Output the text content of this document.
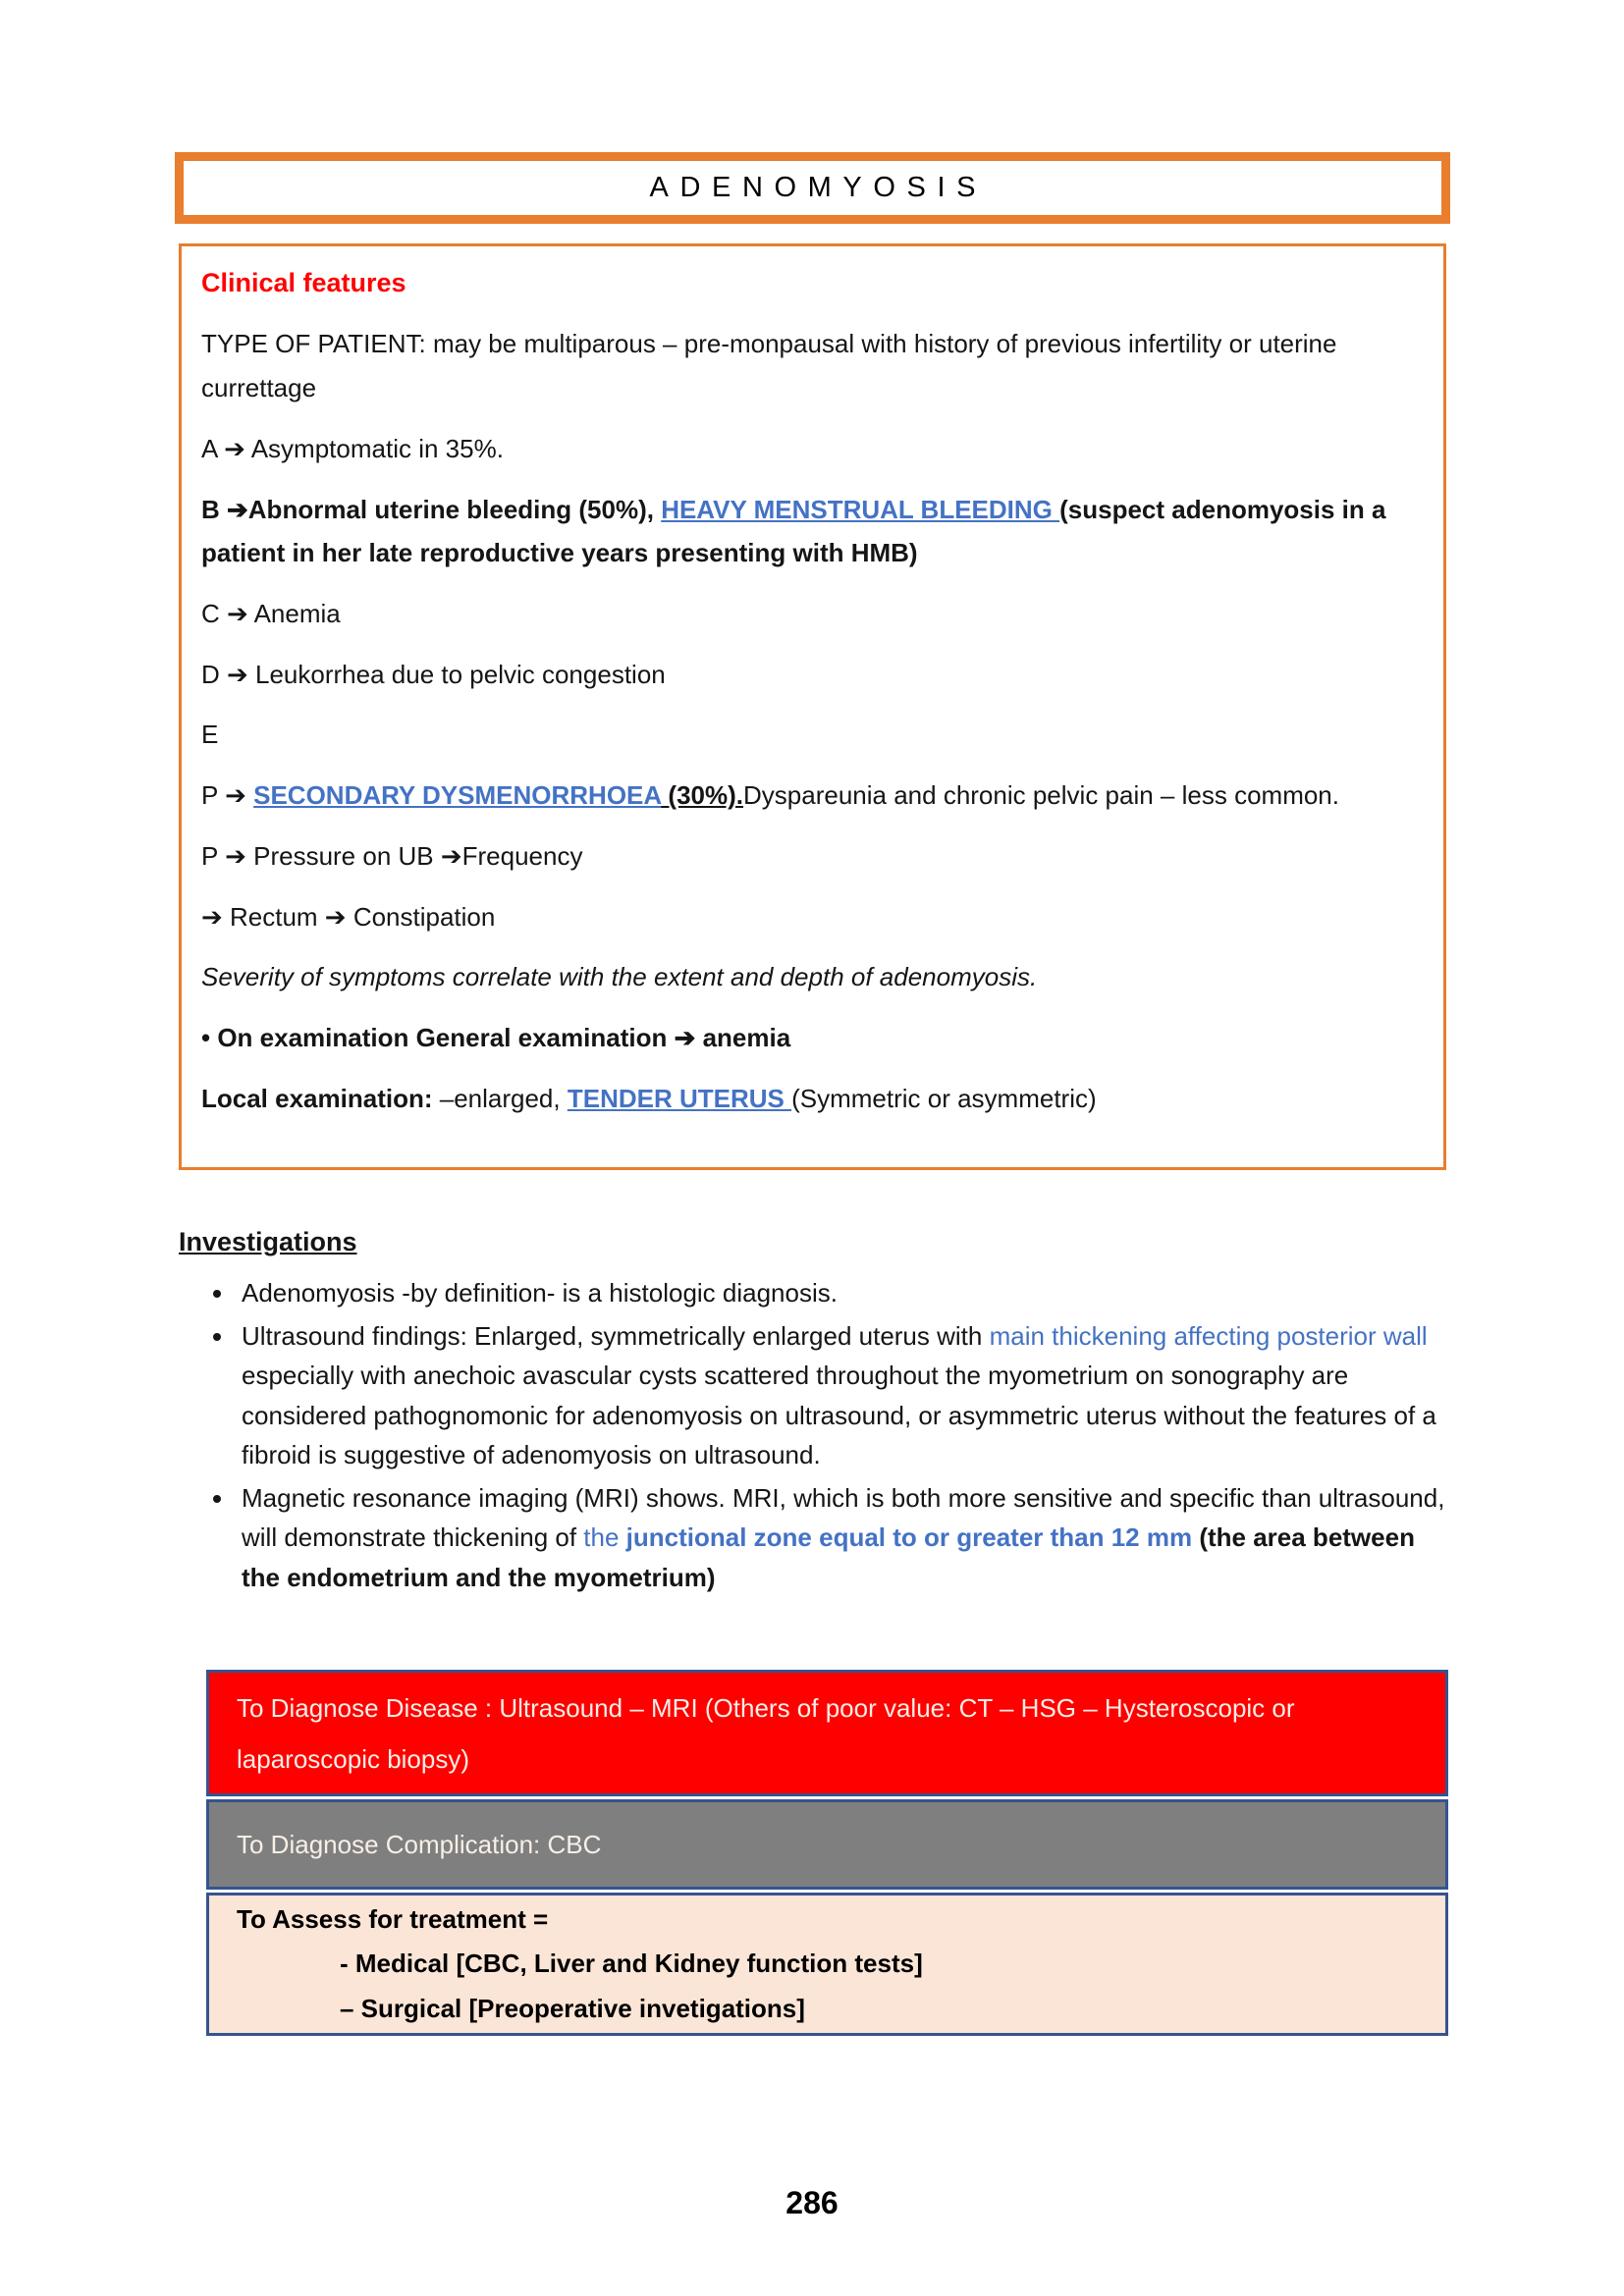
ADENOMYOSIS

Clinical features

TYPE OF PATIENT: may be multiparous – pre-monpausal with history of previous infertility or uterine currettage

A ➔ Asymptomatic in 35%.

B ➔Abnormal uterine bleeding (50%), HEAVY MENSTRUAL BLEEDING (suspect adenomyosis in a patient in her late reproductive years presenting with HMB)

C ➔ Anemia

D ➔ Leukorrhea due to pelvic congestion

E

P ➔ SECONDARY DYSMENORRHOEA (30%).Dyspareunia and chronic pelvic pain – less common.

P ➔ Pressure on UB ➔Frequency

➔ Rectum ➔ Constipation

Severity of symptoms correlate with the extent and depth of adenomyosis.

• On examination General examination ➔ anemia

Local examination: –enlarged, TENDER UTERUS (Symmetric or asymmetric)

Investigations

• Adenomyosis -by definition- is a histologic diagnosis.
• Ultrasound findings: Enlarged, symmetrically enlarged uterus with main thickening affecting posterior wall especially with anechoic avascular cysts scattered throughout the myometrium on sonography are considered pathognomonic for adenomyosis on ultrasound, or asymmetric uterus without the features of a fibroid is suggestive of adenomyosis on ultrasound.
• Magnetic resonance imaging (MRI) shows. MRI, which is both more sensitive and specific than ultrasound, will demonstrate thickening of the junctional zone equal to or greater than 12 mm (the area between the endometrium and the myometrium)

To Diagnose Disease : Ultrasound – MRI (Others of poor value: CT – HSG – Hysteroscopic or laparoscopic biopsy)

To Diagnose Complication: CBC

To Assess for treatment =

- Medical [CBC, Liver and Kidney function tests]

– Surgical [Preoperative invetigations]

286
